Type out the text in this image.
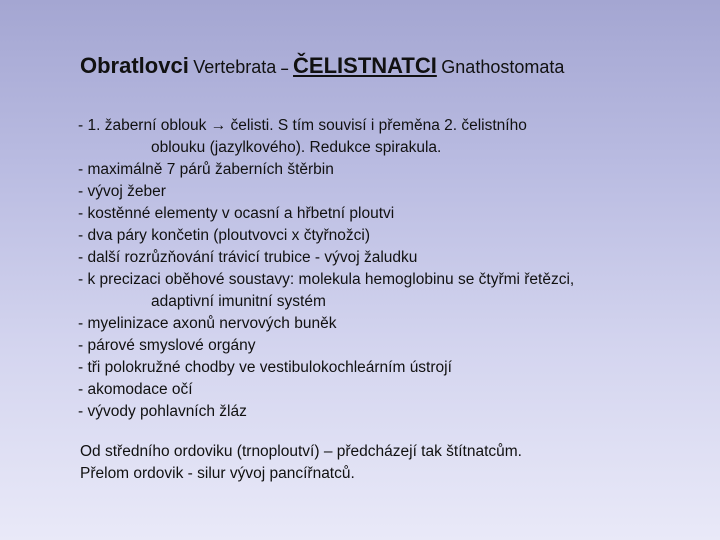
Obratlovci Vertebrata – ČELISTNATCI Gnathostomata
- 1. žaberní oblouk → čelisti. S tím souvisí i přeměna 2. čelistního
oblouku (jazylkového). Redukce spirakula.
- maximálně 7 párů žaberních štěrbin
- vývoj žeber
- kostěnné elementy v ocasní a hřbetní ploutvi
- dva páry končetin (ploutvovci x čtyřnožci)
- další rozrůzňování trávicí trubice - vývoj žaludku
- k precizaci oběhové soustavy: molekula hemoglobinu se čtyřmi řetězci,
adaptivní imunitní systém
- myelinizace axonů nervových buněk
- párové smyslové orgány
- tři polokružné chodby ve vestibulokochleárním ústrojí
- akomodace očí
- vývody pohlavních žláz
Od středního ordoviku (trnoploutví) – předcházejí tak štítnatcům.
Přelom ordovik - silur vývoj pancířnatců.
